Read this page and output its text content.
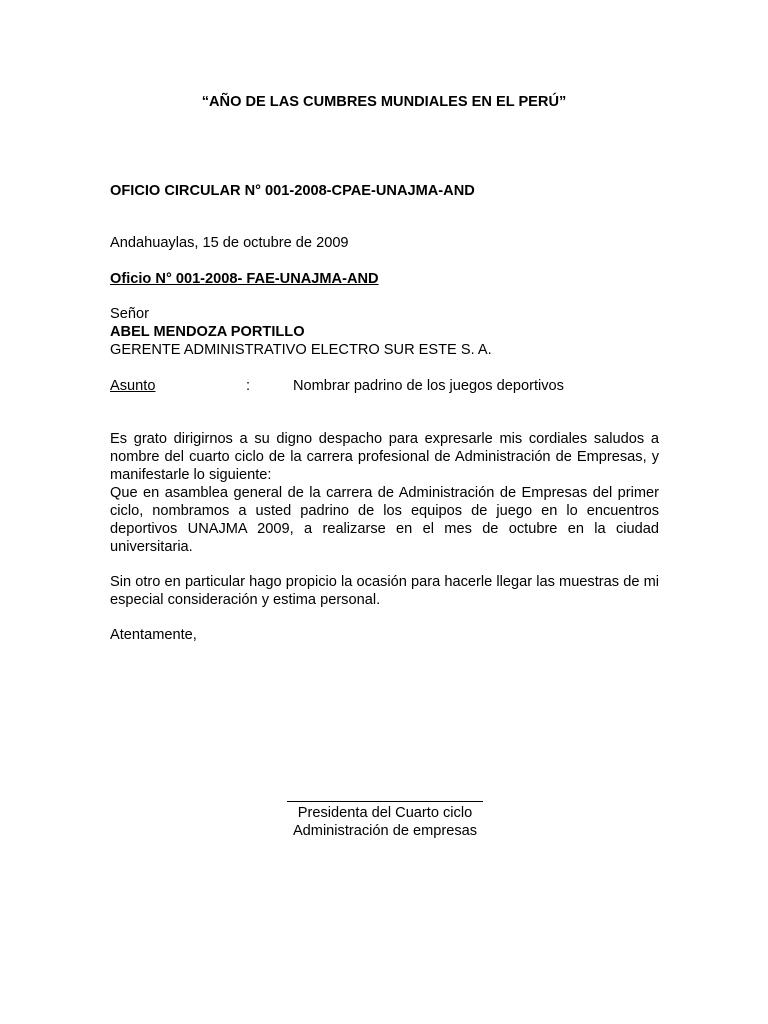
“AÑO DE LAS CUMBRES MUNDIALES EN EL PERÚ”
OFICIO CIRCULAR N° 001-2008-CPAE-UNAJMA-AND
Andahuaylas, 15 de octubre de 2009
Oficio N° 001-2008- FAE-UNAJMA-AND
Señor
ABEL MENDOZA PORTILLO
GERENTE ADMINISTRATIVO ELECTRO SUR ESTE S. A.
Asunto	:	Nombrar padrino de los juegos deportivos

Es grato dirigirnos a su digno despacho para expresarle mis cordiales saludos a nombre del cuarto ciclo de la carrera profesional de Administración de Empresas, y manifestarle lo siguiente:

Que en asamblea general de la carrera de Administración de Empresas del primer ciclo, nombramos a usted padrino de los equipos de juego en lo encuentros deportivos UNAJMA 2009, a realizarse en el mes de octubre en la ciudad universitaria.

Sin otro en particular hago propicio la ocasión para hacerle llegar las muestras de mi especial consideración y estima personal.
Atentamente,
Presidenta del Cuarto ciclo
Administración de empresas
